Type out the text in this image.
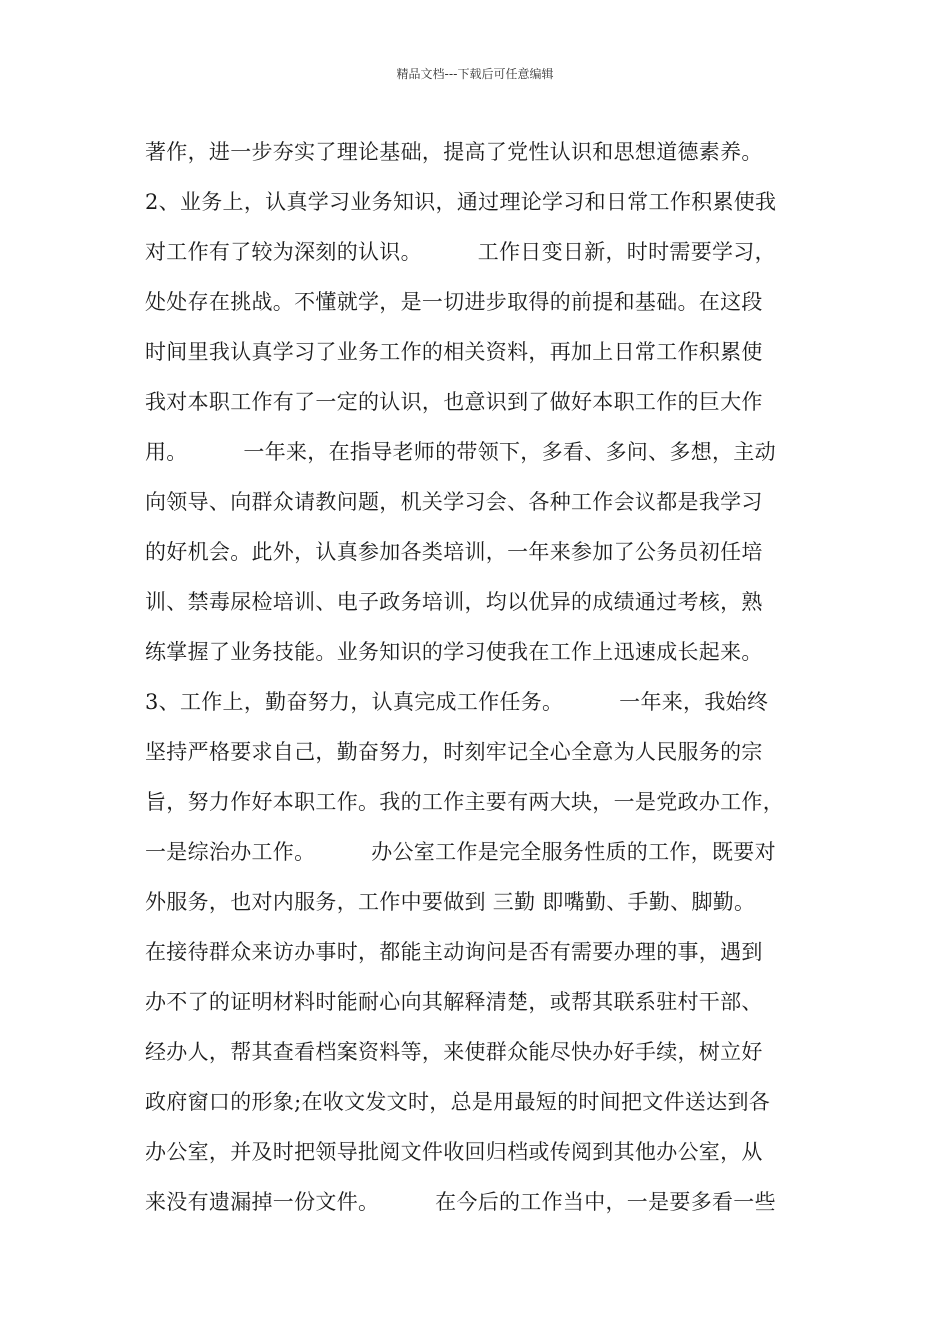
精品文档---下载后可任意编辑
著作，进一步夯实了理论基础，提高了党性认识和思想道德素养。
2、业务上，认真学习业务知识，通过理论学习和日常工作积累使我
对工作有了较为深刻的认识。        工作日变日新，时时需要学习，
处处存在挑战。不懂就学，是一切进步取得的前提和基础。在这段
时间里我认真学习了业务工作的相关资料，再加上日常工作积累使
我对本职工作有了一定的认识，也意识到了做好本职工作的巨大作
用。        一年来，在指导老师的带领下，多看、多问、多想，主动
向领导、向群众请教问题，机关学习会、各种工作会议都是我学习
的好机会。此外，认真参加各类培训，一年来参加了公务员初任培
训、禁毒尿检培训、电子政务培训，均以优异的成绩通过考核，熟
练掌握了业务技能。业务知识的学习使我在工作上迅速成长起来。
3、工作上，勤奋努力，认真完成工作任务。        一年来，我始终
坚持严格要求自己，勤奋努力，时刻牢记全心全意为人民服务的宗
旨，努力作好本职工作。我的工作主要有两大块，一是党政办工作，
一是综治办工作。        办公室工作是完全服务性质的工作，既要对
外服务，也对内服务，工作中要做到 三勤 即嘴勤、手勤、脚勤。
在接待群众来访办事时，都能主动询问是否有需要办理的事，遇到
办不了的证明材料时能耐心向其解释清楚，或帮其联系驻村干部、
经办人，帮其查看档案资料等，来使群众能尽快办好手续，树立好
政府窗口的形象;在收文发文时，总是用最短的时间把文件送达到各
办公室，并及时把领导批阅文件收回归档或传阅到其他办公室，从
来没有遗漏掉一份文件。        在今后的工作当中，一是要多看一些
